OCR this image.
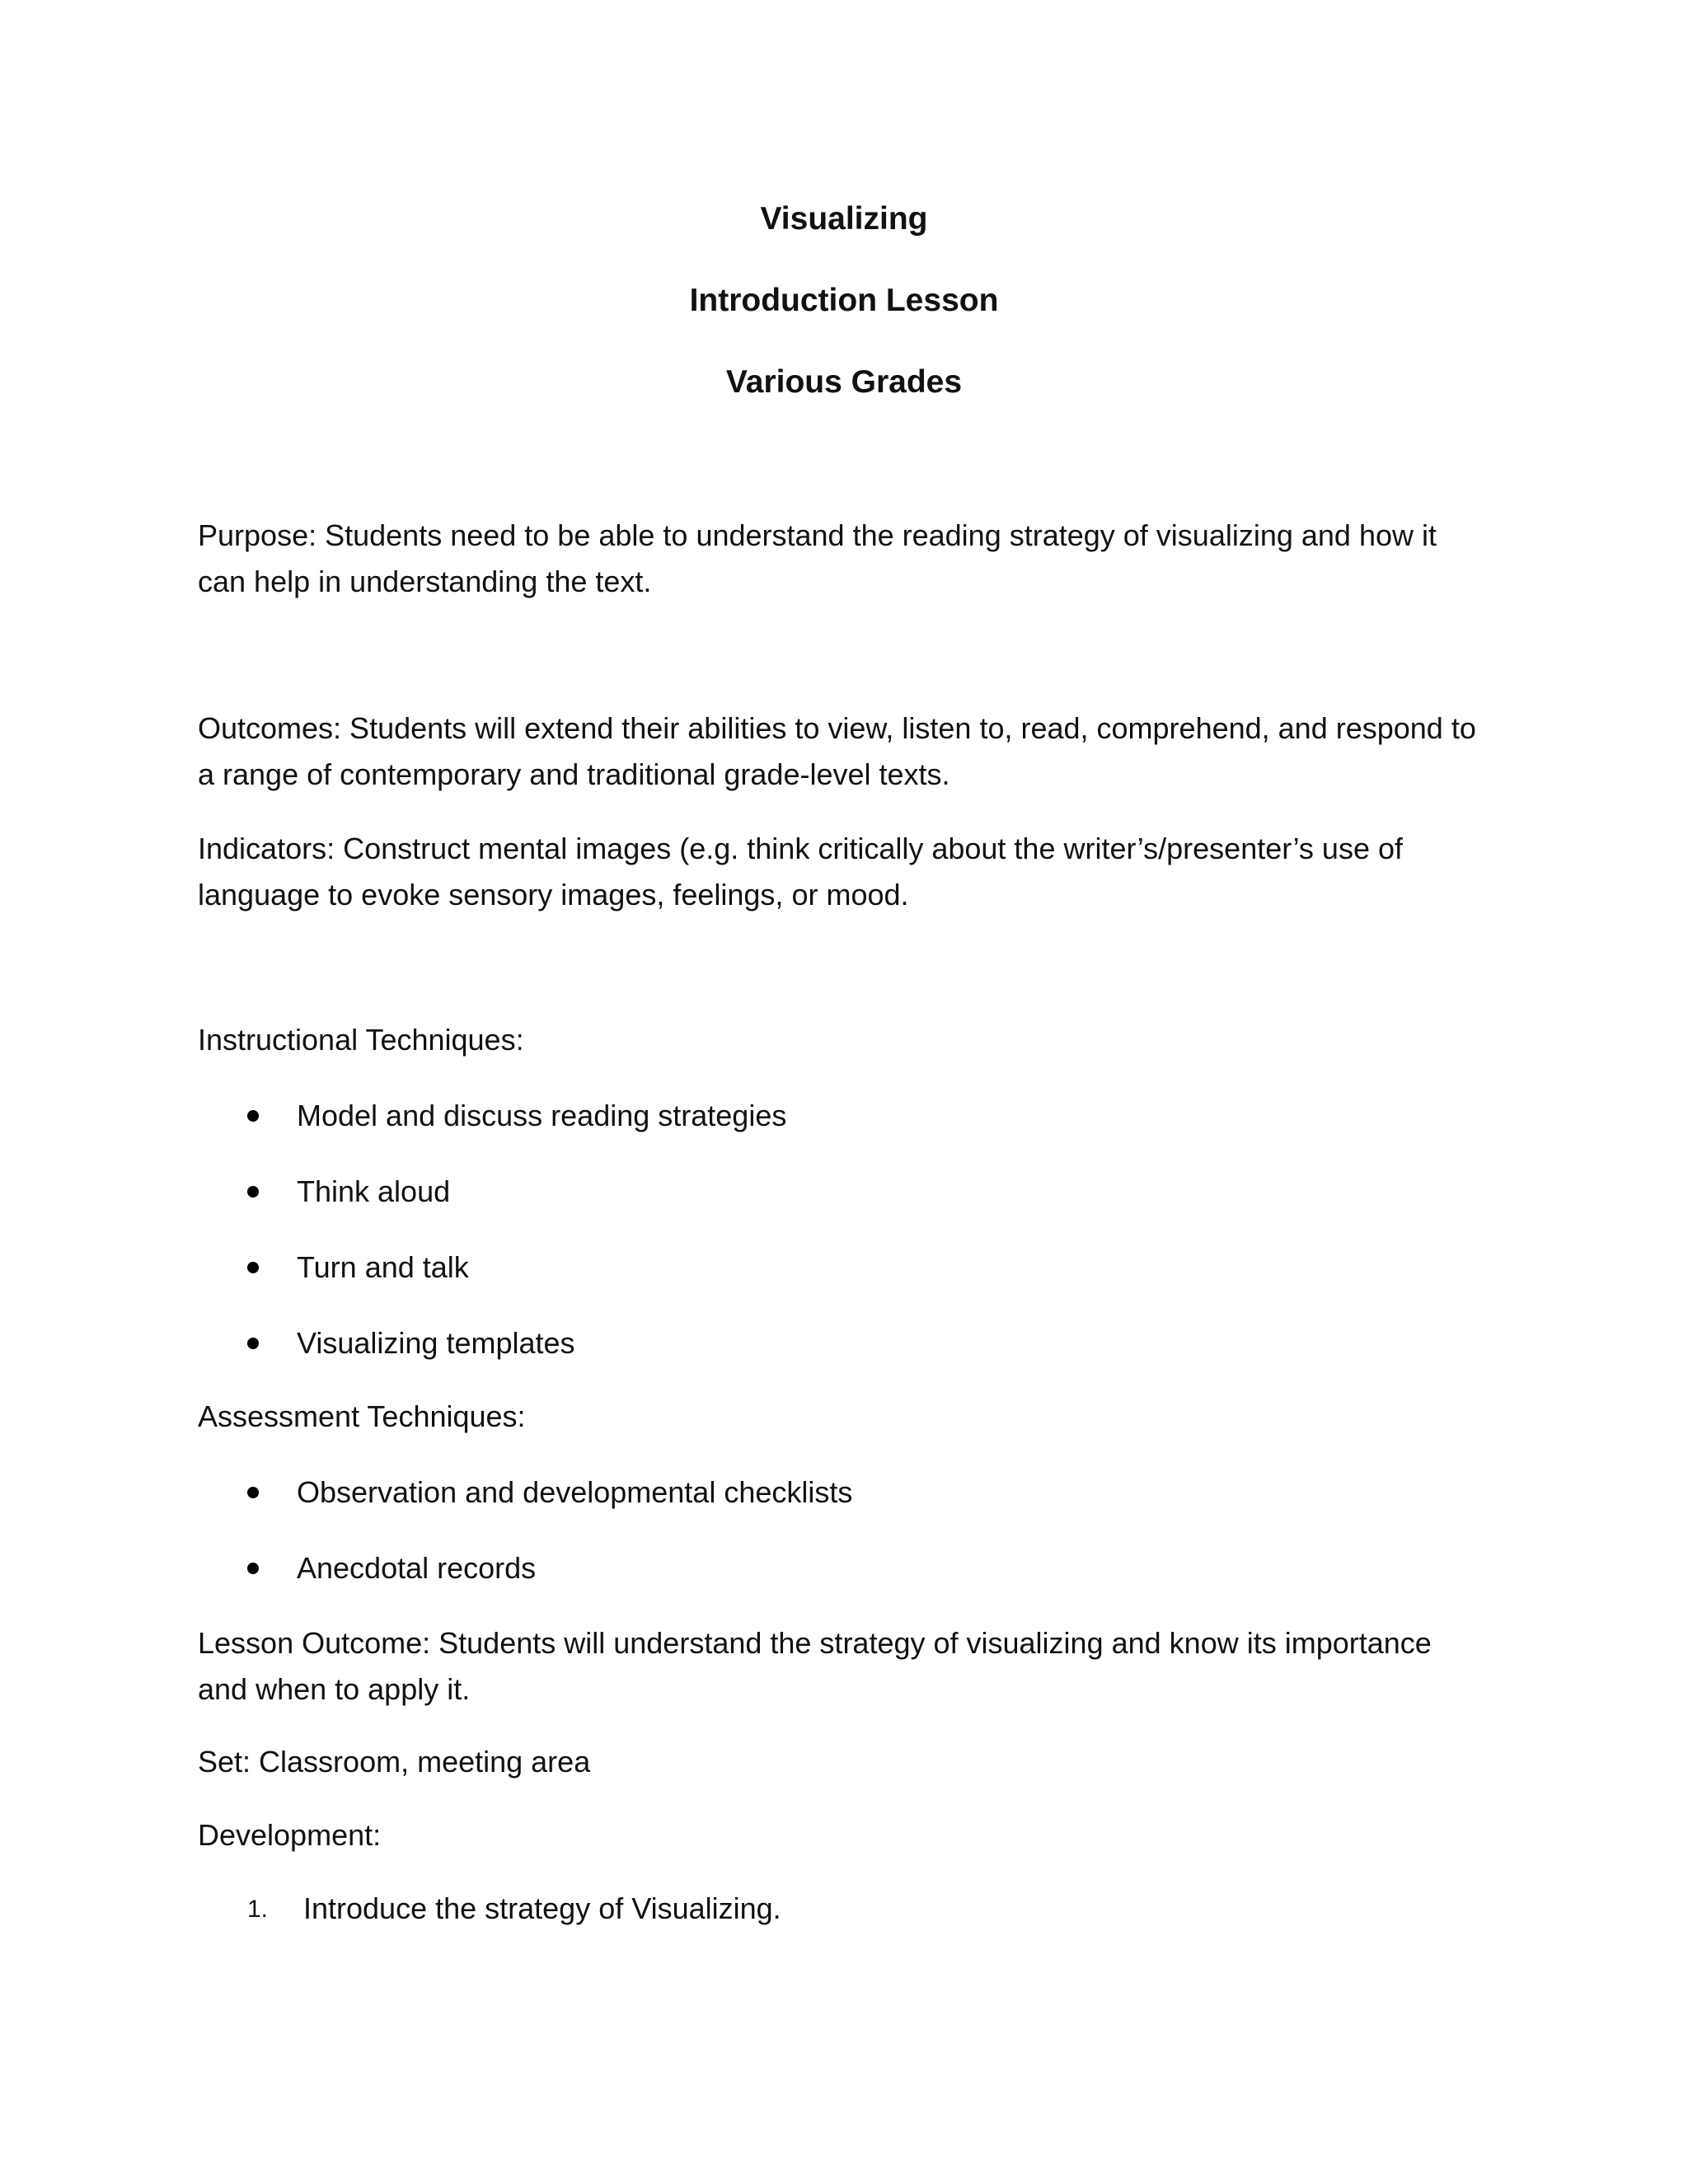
Visualizing
Introduction Lesson
Various Grades
Purpose: Students need to be able to understand the reading strategy of visualizing and how it can help in understanding the text.
Outcomes: Students will extend their abilities to view, listen to, read, comprehend, and respond to a range of contemporary and traditional grade-level texts.
Indicators: Construct mental images (e.g. think critically about the writer’s/presenter’s use of language to evoke sensory images, feelings, or mood.
Instructional Techniques:
Model and discuss reading strategies
Think aloud
Turn and talk
Visualizing templates
Assessment Techniques:
Observation and developmental checklists
Anecdotal records
Lesson Outcome: Students will understand the strategy of visualizing and know its importance and when to apply it.
Set: Classroom, meeting area
Development:
1. Introduce the strategy of Visualizing.
